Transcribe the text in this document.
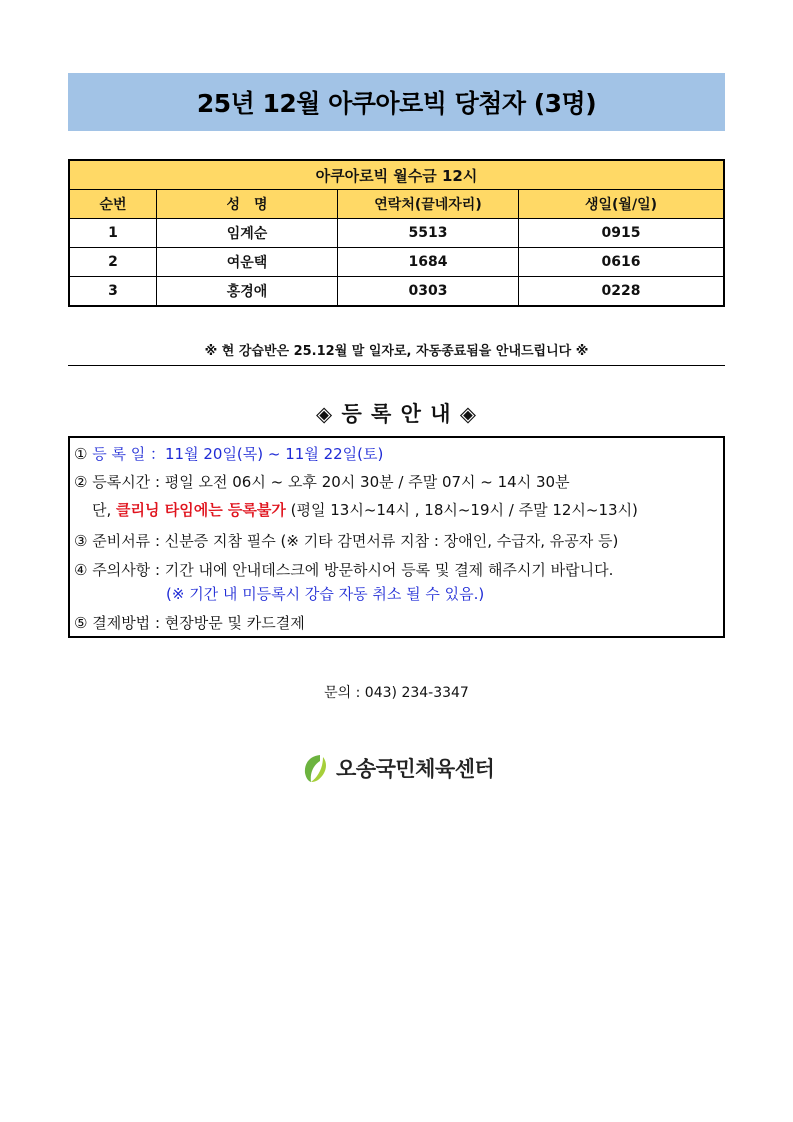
25년 12월 아쿠아로빅 당첨자 (3명)
아쿠아로빅 월수금 12시			
순번	성　명	연락처(끝네자리)	생일(월/일)
1	임계순	5513	0915
2	여운택	1684	0616
3	홍경애	0303	0228
※ 현 강습반은 25.12월 말 일자로, 자동종료됨을 안내드립니다 ※
◈ 등 록 안 내 ◈
① 등 록 일 ：11월 20일(목) ~ 11월 22일(토)
② 등록시간 : 평일 오전 06시 ~ 오후 20시 30분 / 주말 07시 ~ 14시 30분
단, 클리닝 타임에는 등록불가 (평일 13시~14시 , 18시~19시 / 주말 12시~13시)
③ 준비서류 : 신분증 지참 필수 (※ 기타 감면서류 지참 : 장애인, 수급자, 유공자 등)
④ 주의사항 : 기간 내에 안내데스크에 방문하시어 등록 및 결제 해주시기 바랍니다.
(※ 기간 내 미등록시 강습 자동 취소 될 수 있음.)
⑤ 결제방법 : 현장방문 및 카드결제
문의 : 043) 234-3347
오송국민체육센터
